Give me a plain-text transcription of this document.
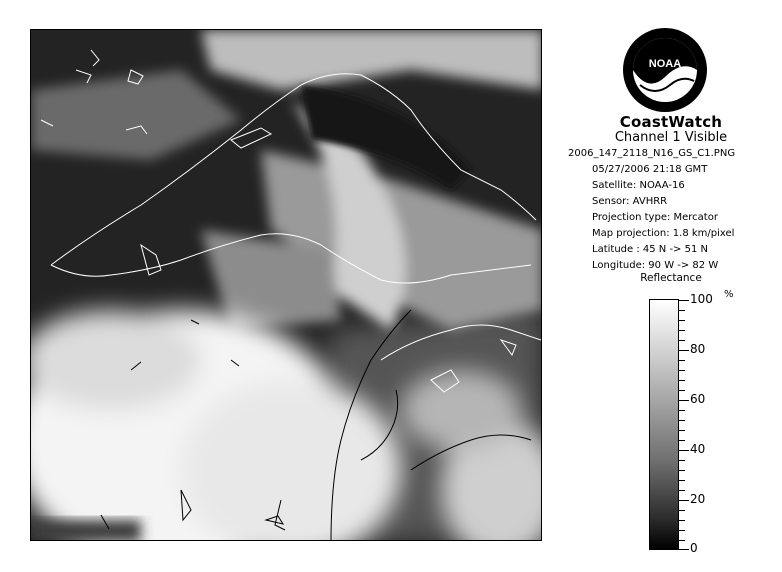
NOAA
CoastWatch
Channel 1 Visible
2006_147_2118_N16_GS_C1.PNG
05/27/2006 21:18 GMT
Satellite: NOAA-16
Sensor: AVHRR
Projection type: Mercator
Map projection: 1.8 km/pixel
Latitude : 45 N -> 51 N
Longitude: 90 W -> 82 W
Reflectance
%
100
80
60
40
20
0
